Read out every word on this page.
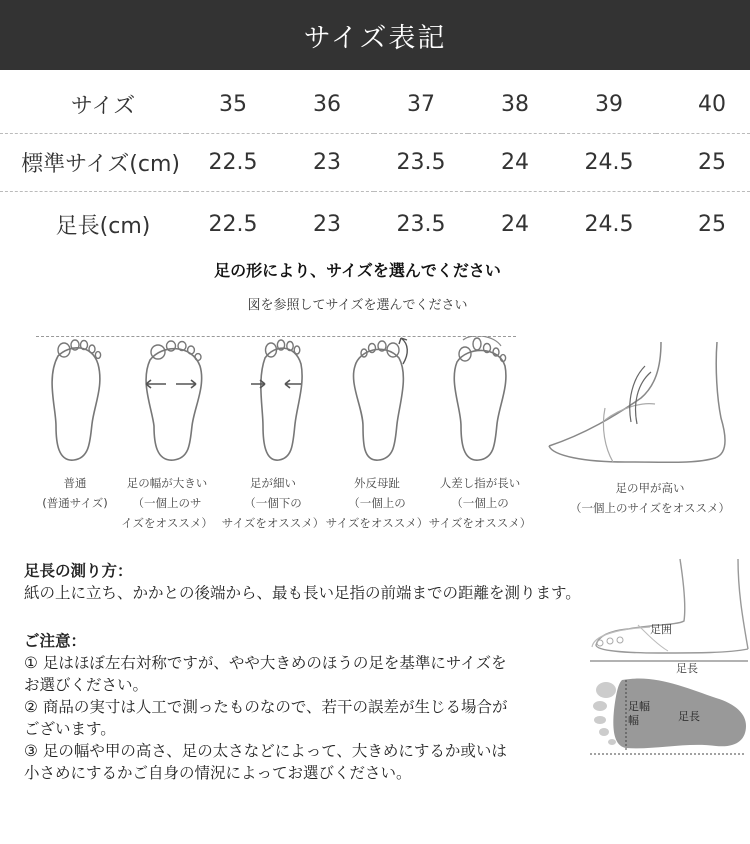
サイズ表記
サイズ	35	36	37	38	39	40
標準サイズ(cm)	22.5	23	23.5	24	24.5	25
足長(cm)	22.5	23	23.5	24	24.5	25
足の形により、サイズを選んでください
図を参照してサイズを選んでください
普通
(普通サイズ)
足の幅が大きい
（一個上のサ
イズをオススメ）
足が細い
（一個下の
サイズをオススメ）
外反母趾
（一個上の
サイズをオススメ）
人差し指が長い
（一個上の
サイズをオススメ）
足の甲が高い
（一個上のサイズをオススメ）
足囲
足長
足幅
幅	足長
足長の測り方：
紙の上に立ち、かかとの後端から、最も長い足指の前端までの距離を測ります。
ご注意：
① 足はほぼ左右対称ですが、やや大きめのほうの足を基準にサイズを
お選びください。
② 商品の実寸は人工で測ったものなので、若干の誤差が生じる場合が
ございます。
③ 足の幅や甲の高さ、足の太さなどによって、大きめにするか或いは
小さめにするかご自身の情況によってお選びください。
